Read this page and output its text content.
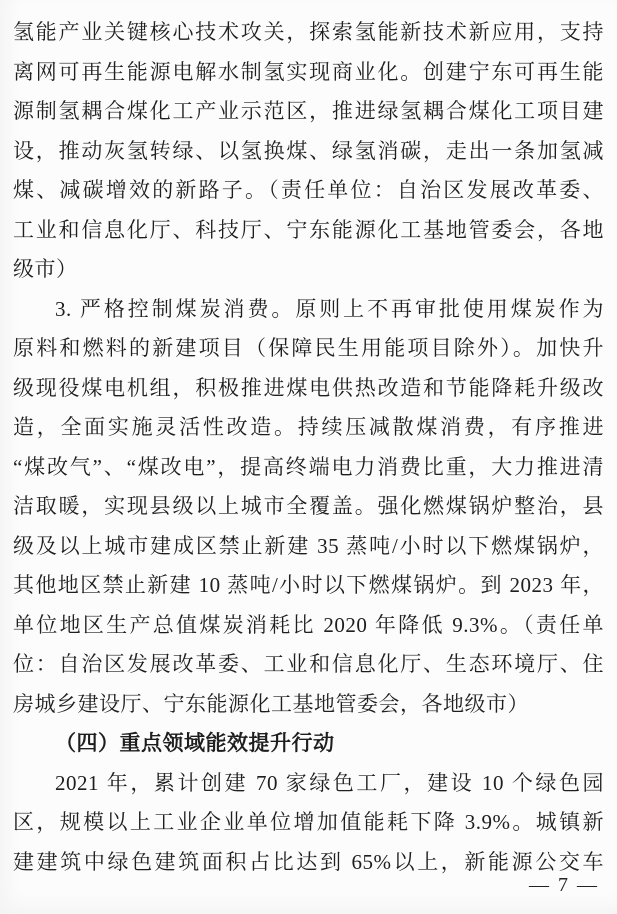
氢能产业关键核心技术攻关，探索氢能新技术新应用，支持
离网可再生能源电解水制氢实现商业化。创建宁东可再生能
源制氢耦合煤化工产业示范区，推进绿氢耦合煤化工项目建
设，推动灰氢转绿、以氢换煤、绿氢消碳，走出一条加氢减
煤、减碳增效的新路子。（责任单位：自治区发展改革委、
工业和信息化厅、科技厅、宁东能源化工基地管委会，各地
级市）
3. 严格控制煤炭消费。原则上不再审批使用煤炭作为
原料和燃料的新建项目（保障民生用能项目除外）。加快升
级现役煤电机组，积极推进煤电供热改造和节能降耗升级改
造，全面实施灵活性改造。持续压减散煤消费，有序推进
“煤改气”、“煤改电”，提高终端电力消费比重，大力推进清
洁取暖，实现县级以上城市全覆盖。强化燃煤锅炉整治，县
级及以上城市建成区禁止新建 35 蒸吨/小时以下燃煤锅炉，
其他地区禁止新建 10 蒸吨/小时以下燃煤锅炉。到 2023 年，
单位地区生产总值煤炭消耗比 2020 年降低 9.3%。（责任单
位：自治区发展改革委、工业和信息化厅、生态环境厅、住
房城乡建设厅、宁东能源化工基地管委会，各地级市）
（四）重点领域能效提升行动
2021 年，累计创建 70 家绿色工厂，建设 10 个绿色园
区，规模以上工业企业单位增加值能耗下降 3.9%。城镇新
建建筑中绿色建筑面积占比达到 65%以上，新能源公交车
— 7 —
